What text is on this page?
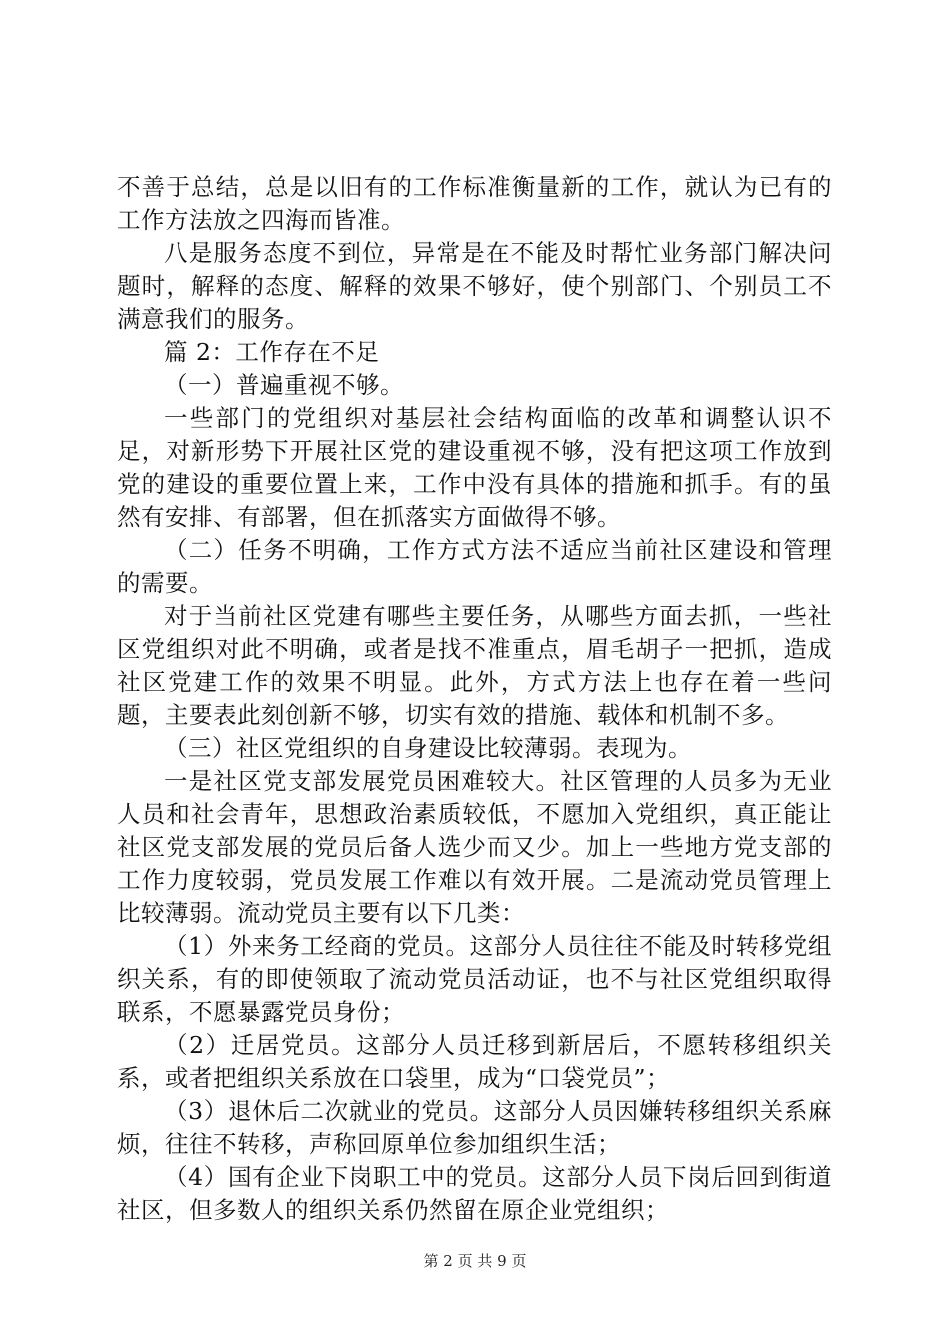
不善于总结，总是以旧有的工作标准衡量新的工作，就认为已有的工作方法放之四海而皆准。

八是服务态度不到位，异常是在不能及时帮忙业务部门解决问题时，解释的态度、解释的效果不够好，使个别部门、个别员工不满意我们的服务。

篇 2：工作存在不足

（一）普遍重视不够。

一些部门的党组织对基层社会结构面临的改革和调整认识不足，对新形势下开展社区党的建设重视不够，没有把这项工作放到党的建设的重要位置上来，工作中没有具体的措施和抓手。有的虽然有安排、有部署，但在抓落实方面做得不够。

（二）任务不明确，工作方式方法不适应当前社区建设和管理的需要。

对于当前社区党建有哪些主要任务，从哪些方面去抓，一些社区党组织对此不明确，或者是找不准重点，眉毛胡子一把抓，造成社区党建工作的效果不明显。此外，方式方法上也存在着一些问题，主要表此刻创新不够，切实有效的措施、载体和机制不多。

（三）社区党组织的自身建设比较薄弱。表现为。

一是社区党支部发展党员困难较大。社区管理的人员多为无业人员和社会青年，思想政治素质较低，不愿加入党组织，真正能让社区党支部发展的党员后备人选少而又少。加上一些地方党支部的工作力度较弱，党员发展工作难以有效开展。二是流动党员管理上比较薄弱。流动党员主要有以下几类：

（1）外来务工经商的党员。这部分人员往往不能及时转移党组织关系，有的即使领取了流动党员活动证，也不与社区党组织取得联系，不愿暴露党员身份；

（2）迁居党员。这部分人员迁移到新居后，不愿转移组织关系，或者把组织关系放在口袋里，成为“口袋党员”；

（3）退休后二次就业的党员。这部分人员因嫌转移组织关系麻烦，往往不转移，声称回原单位参加组织生活；

（4）国有企业下岗职工中的党员。这部分人员下岗后回到街道社区，但多数人的组织关系仍然留在原企业党组织；

第 2 页 共 9 页
